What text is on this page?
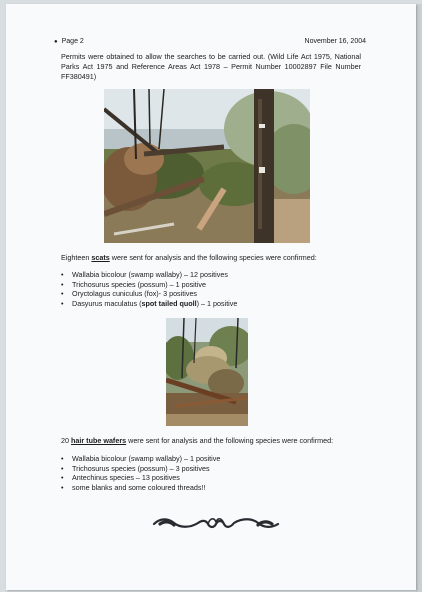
● Page 2	November 16, 2004

Permits were obtained to allow the searches to be carried out. (Wild Life Act 1975, National Parks Act 1975 and Reference Areas Act 1978 – Permit Number 10002897 File Number FF380491)

Eighteen scats were sent for analysis and the following species were confirmed:

• Wallabia bicolour (swamp wallaby) – 12 positives
• Trichosurus species (possum) – 1 positive
• Oryctolagus cuniculus (fox)- 3 positives
• Dasyurus maculatus (spot tailed quoll) – 1 positive

20 hair tube wafers were sent for analysis and the following species were confirmed:

• Wallabia bicolour (swamp wallaby) – 1 positive
• Trichosurus species (possum) – 3 positives
• Antechinus species – 13 positives
• some blanks and some coloured threads!!
